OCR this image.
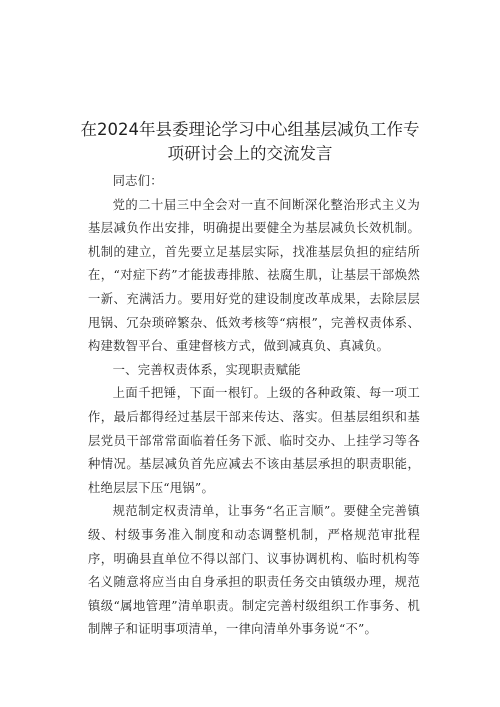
在2024年县委理论学习中心组基层减负工作专
项研讨会上的交流发言

同志们：

党的二十届三中全会对一直不间断深化整治形式主义为基层减负作出安排，明确提出要健全为基层减负长效机制。机制的建立，首先要立足基层实际，找准基层负担的症结所在，“对症下药”才能拔毒排脓、祛腐生肌，让基层干部焕然一新、充满活力。要用好党的建设制度改革成果，去除层层甩锅、冗杂琐碎繁杂、低效考核等“病根”，完善权责体系、构建数智平台、重建督核方式，做到减真负、真减负。

一、完善权责体系，实现职责赋能

上面千把锤，下面一根钉。上级的各种政策、每一项工作，最后都得经过基层干部来传达、落实。但基层组织和基层党员干部常常面临着任务下派、临时交办、上挂学习等各种情况。基层减负首先应减去不该由基层承担的职责职能，杜绝层层下压“甩锅”。

规范制定权责清单，让事务“名正言顺”。要健全完善镇级、村级事务准入制度和动态调整机制，严格规范审批程序，明确县直单位不得以部门、议事协调机构、临时机构等名义随意将应当由自身承担的职责任务交由镇级办理，规范镇级“属地管理”清单职责。制定完善村级组织工作事务、机制牌子和证明事项清单，一律向清单外事务说“不”。
